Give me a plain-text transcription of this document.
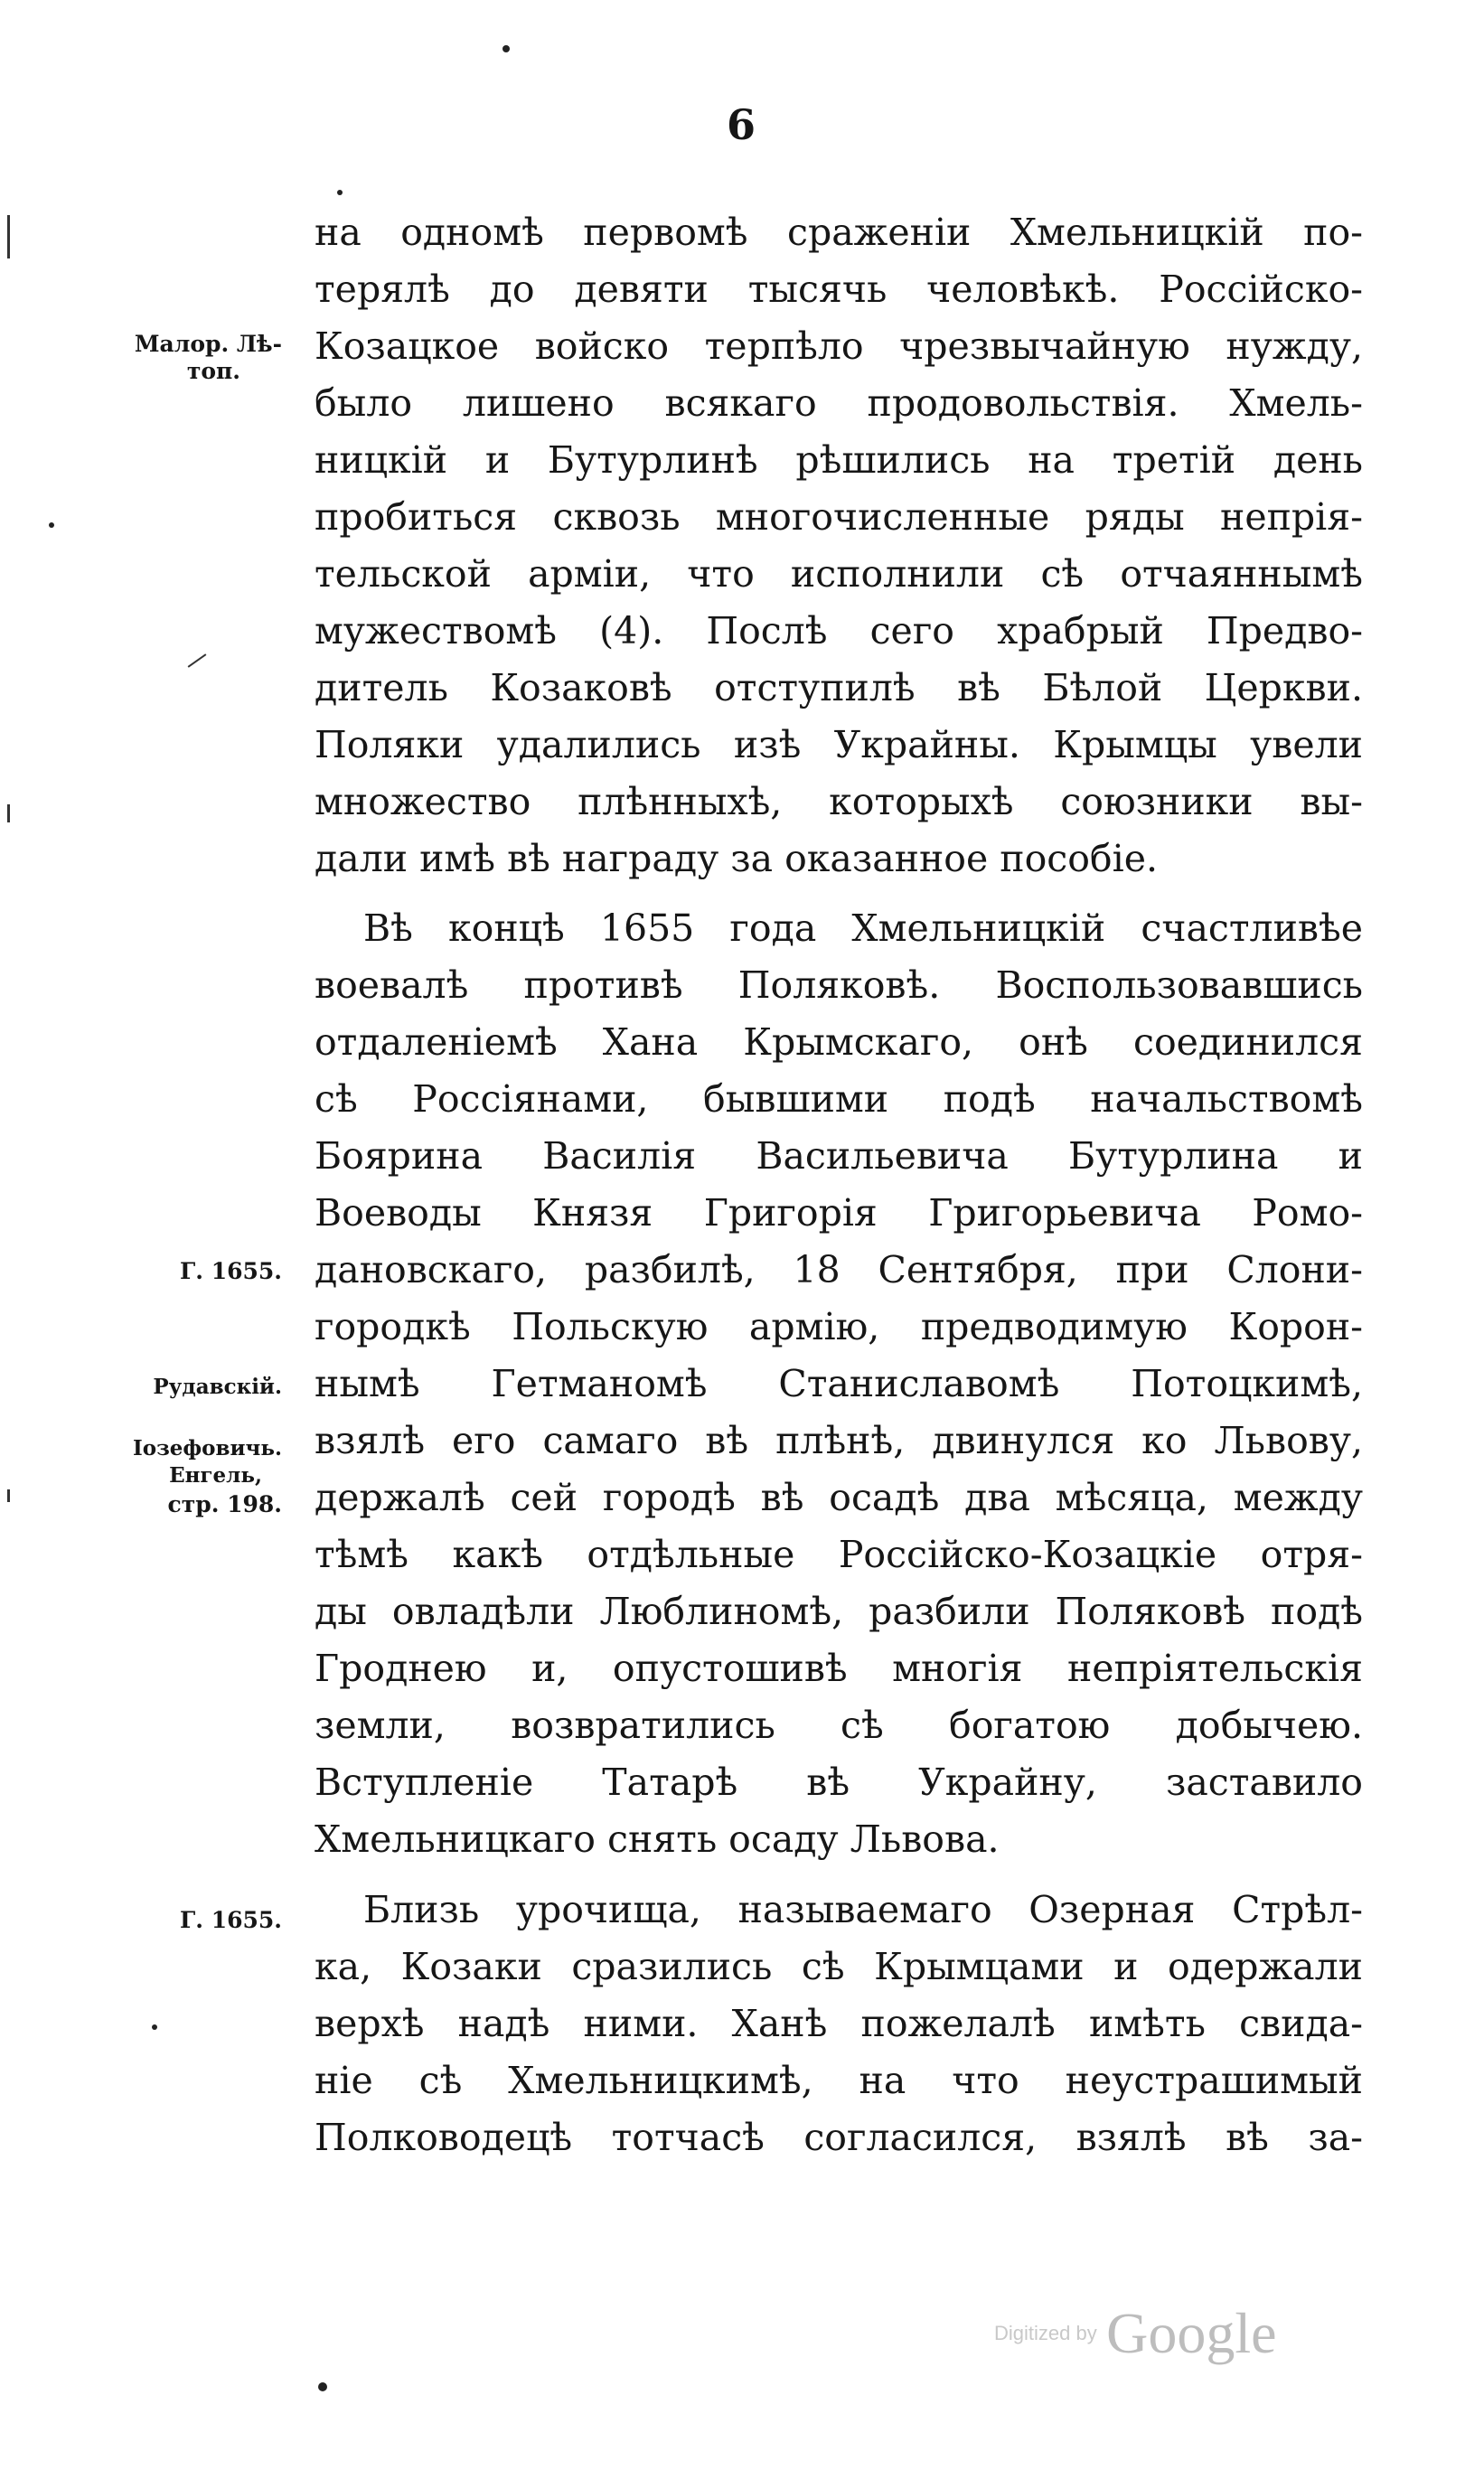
6
на одномѣ первомѣ сраженіи Хмельницкій по-
терялѣ до девяти тысячь человѣкѣ. Россійско-
Козацкое войско терпѣло чрезвычайную нужду,
было лишено всякаго продовольствія. Хмель-
ницкій и Бутурлинѣ рѣшились на третій день
пробиться сквозь многочисленные ряды непрія-
тельской арміи, что исполнили сѣ отчаяннымѣ
мужествомѣ (4). Послѣ сего храбрый Предво-
дитель Козаковѣ отступилѣ вѣ Бѣлой Церкви.
Поляки удалились изѣ Украйны. Крымцы увели
множество плѣнныхѣ, которыхѣ союзники вы-
дали имѣ вѣ награду за оказанное пособіе.
Вѣ концѣ 1655 года Хмельницкій счастливѣе
воевалѣ противѣ Поляковѣ. Воспользовавшись
отдаленіемѣ Хана Крымскаго, онѣ соединился
сѣ Россіянами, бывшими подѣ начальствомѣ
Боярина Василія Васильевича Бутурлина и
Воеводы Князя Григорія Григорьевича Ромо-
дановскаго, разбилѣ, 18 Сентября, при Слони-
городкѣ Польскую армію, предводимую Корон-
нымѣ Гетманомѣ Станиславомѣ Потоцкимѣ,
взялѣ его самаго вѣ плѣнѣ, двинулся ко Львову,
держалѣ сей городѣ вѣ осадѣ два мѣсяца, между
тѣмѣ какѣ отдѣльные Россійско-Козацкіе отря-
ды овладѣли Люблиномѣ, разбили Поляковѣ подѣ
Гроднею и, опустошивѣ многія непріятельскія
земли, возвратились сѣ богатою добычею.
Вступленіе Татарѣ вѣ Украйну, заставило
Хмельницкаго снять осаду Львова.
Близь урочища, называемаго Озерная Стрѣл-
ка, Козаки сразились сѣ Крымцами и одержали
верхѣ надѣ ними. Ханѣ пожелалѣ имѣть свида-
ніе сѣ Хмельницкимѣ, на что неустрашимый
Полководецѣ тотчасѣ согласился, взялѣ вѣ за-
Малор. Лѣ-
топ.
Г. 1655.
Рудавскій.
Іозефовичь.
Енгель,
стр. 198.
Г. 1655.
Digitized by Google
